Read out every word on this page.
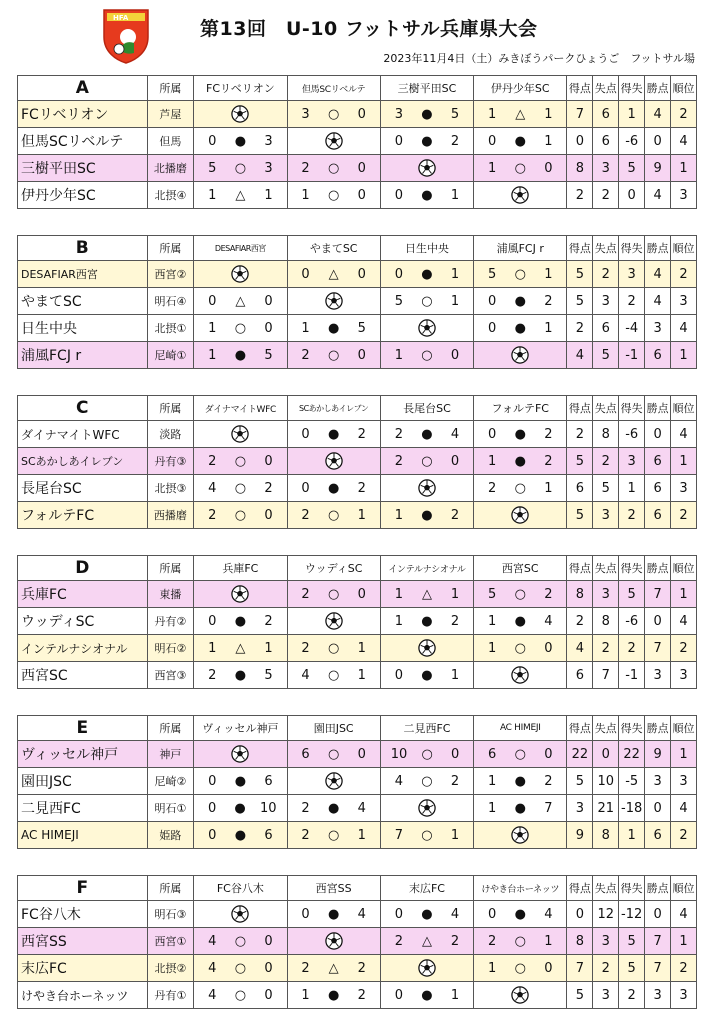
HFA	第13回　U-10 フットサル兵庫県大会
2023年11月4日（土）みきぼうパークひょうご　フットサル場
A	所属	FCリベリオン	但馬SCリベルテ	三樹平田SC	伊丹少年SC	得点	失点	得失	勝点	順位
FCリベリオン	芦屋		3 ○ 0	3 ● 5	1 △ 1	7	6	1	4	2
但馬SCリベルテ	但馬	0 ● 3		0 ● 2	0 ● 1	0	6	-6	0	4
三樹平田SC	北播磨	5 ○ 3	2 ○ 0		1 ○ 0	8	3	5	9	1
伊丹少年SC	北摂④	1 △ 1	1 ○ 0	0 ● 1		2	2	0	4	3
B	所属	DESAFIAR西宮	やまてSC	日生中央	浦風FCJ r	得点	失点	得失	勝点	順位
DESAFIAR西宮	西宮②		0 △ 0	0 ● 1	5 ○ 1	5	2	3	4	2
やまてSC	明石④	0 △ 0		5 ○ 1	0 ● 2	5	3	2	4	3
日生中央	北摂①	1 ○ 0	1 ● 5		0 ● 1	2	6	-4	3	4
浦風FCJ r	尼崎①	1 ● 5	2 ○ 0	1 ○ 0		4	5	-1	6	1
C	所属	ダイナマイトWFC	SCあかしあイレブン	長尾台SC	フォルテFC	得点	失点	得失	勝点	順位
ダイナマイトWFC	淡路		0 ● 2	2 ● 4	0 ● 2	2	8	-6	0	4
SCあかしあイレブン	丹有③	2 ○ 0		2 ○ 0	1 ● 2	5	2	3	6	1
長尾台SC	北摂③	4 ○ 2	0 ● 2		2 ○ 1	6	5	1	6	3
フォルテFC	西播磨	2 ○ 0	2 ○ 1	1 ● 2		5	3	2	6	2
D	所属	兵庫FC	ウッディSC	インテルナシオナル	西宮SC	得点	失点	得失	勝点	順位
兵庫FC	東播		2 ○ 0	1 △ 1	5 ○ 2	8	3	5	7	1
ウッディSC	丹有②	0 ● 2		1 ● 2	1 ● 4	2	8	-6	0	4
インテルナシオナル	明石②	1 △ 1	2 ○ 1		1 ○ 0	4	2	2	7	2
西宮SC	西宮③	2 ● 5	4 ○ 1	0 ● 1		6	7	-1	3	3
E	所属	ヴィッセル神戸	園田JSC	二見西FC	AC HIMEJI	得点	失点	得失	勝点	順位
ヴィッセル神戸	神戸		6 ○ 0	10 ○ 0	6 ○ 0	22	0	22	9	1
園田JSC	尼崎②	0 ● 6		4 ○ 2	1 ● 2	5	10	-5	3	3
二見西FC	明石①	0 ● 10	2 ● 4		1 ● 7	3	21	-18	0	4
AC HIMEJI	姫路	0 ● 6	2 ○ 1	7 ○ 1		9	8	1	6	2
F	所属	FC谷八木	西宮SS	末広FC	けやき台ホーネッツ	得点	失点	得失	勝点	順位
FC谷八木	明石③		0 ● 4	0 ● 4	0 ● 4	0	12	-12	0	4
西宮SS	西宮①	4 ○ 0		2 △ 2	2 ○ 1	8	3	5	7	1
末広FC	北摂②	4 ○ 0	2 △ 2		1 ○ 0	7	2	5	7	2
けやき台ホーネッツ	丹有①	4 ○ 0	1 ● 2	0 ● 1		5	3	2	3	3
